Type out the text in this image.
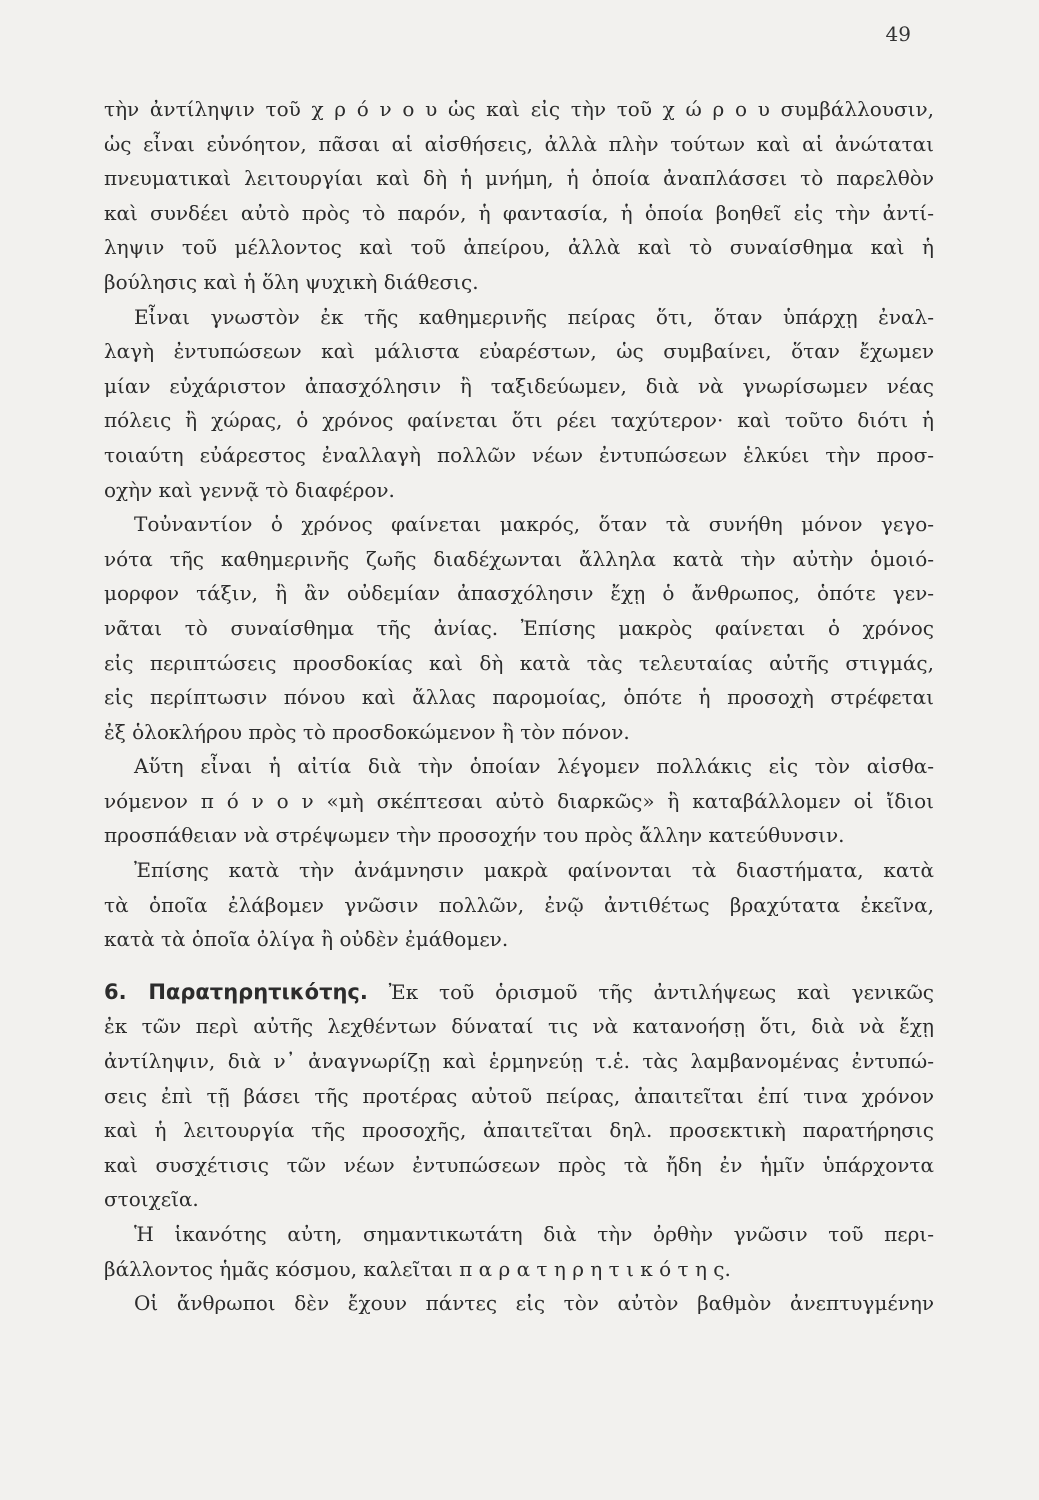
49
τὴν ἀντίληψιν τοῦ χ ρ ό ν ο υ ὡς καὶ εἰς τὴν τοῦ χ ώ ρ ο υ συμβάλλουσιν,
ὡς εἶναι εὐνόητον, πᾶσαι αἱ αἰσθήσεις, ἀλλὰ πλὴν τούτων καὶ αἱ ἀνώταται
πνευματικαὶ λειτουργίαι καὶ δὴ ἡ μνήμη, ἡ ὁποία ἀναπλάσσει τὸ παρελθὸν
καὶ συνδέει αὐτὸ πρὸς τὸ παρόν, ἡ φαντασία, ἡ ὁποία βοηθεῖ εἰς τὴν ἀντί-
ληψιν τοῦ μέλλοντος καὶ τοῦ ἀπείρου, ἀλλὰ καὶ τὸ συναίσθημα καὶ ἡ
βούλησις καὶ ἡ ὅλη ψυχικὴ διάθεσις.
Εἶναι γνωστὸν ἐκ τῆς καθημερινῆς πείρας ὅτι, ὅταν ὑπάρχῃ ἐναλ-
λαγὴ ἐντυπώσεων καὶ μάλιστα εὐαρέστων, ὡς συμβαίνει, ὅταν ἔχωμεν
μίαν εὐχάριστον ἀπασχόλησιν ἢ ταξιδεύωμεν, διὰ νὰ γνωρίσωμεν νέας
πόλεις ἢ χώρας, ὁ χρόνος φαίνεται ὅτι ρέει ταχύτερον· καὶ τοῦτο διότι ἡ
τοιαύτη εὐάρεστος ἐναλλαγὴ πολλῶν νέων ἐντυπώσεων ἑλκύει τὴν προσ-
οχὴν καὶ γεννᾷ τὸ διαφέρον.
Τοὐναντίον ὁ χρόνος φαίνεται μακρός, ὅταν τὰ συνήθη μόνον γεγο-
νότα τῆς καθημερινῆς ζωῆς διαδέχωνται ἄλληλα κατὰ τὴν αὐτὴν ὁμοιό-
μορφον τάξιν, ἢ ἂν οὐδεμίαν ἀπασχόλησιν ἔχῃ ὁ ἄνθρωπος, ὁπότε γεν-
νᾶται τὸ συναίσθημα τῆς ἀνίας. Ἐπίσης μακρὸς φαίνεται ὁ χρόνος
εἰς περιπτώσεις προσδοκίας καὶ δὴ κατὰ τὰς τελευταίας αὐτῆς στιγμάς,
εἰς περίπτωσιν πόνου καὶ ἄλλας παρομοίας, ὁπότε ἡ προσοχὴ στρέφεται
ἐξ ὁλοκλήρου πρὸς τὸ προσδοκώμενον ἢ τὸν πόνον.
Αὕτη εἶναι ἡ αἰτία διὰ τὴν ὁποίαν λέγομεν πολλάκις εἰς τὸν αἰσθα-
νόμενον π ό ν ο ν «μὴ σκέπτεσαι αὐτὸ διαρκῶς» ἢ καταβάλλομεν οἱ ἴδιοι
προσπάθειαν νὰ στρέψωμεν τὴν προσοχήν του πρὸς ἄλλην κατεύθυνσιν.
Ἐπίσης κατὰ τὴν ἀνάμνησιν μακρὰ φαίνονται τὰ διαστήματα, κατὰ
τὰ ὁποῖα ἐλάβομεν γνῶσιν πολλῶν, ἐνῷ ἀντιθέτως βραχύτατα ἐκεῖνα,
κατὰ τὰ ὁποῖα ὀλίγα ἢ οὐδὲν ἐμάθομεν.
6. Παρατηρητικότης. Ἐκ τοῦ ὁρισμοῦ τῆς ἀντιλήψεως καὶ γενικῶς
ἐκ τῶν περὶ αὐτῆς λεχθέντων δύναταί τις νὰ κατανοήσῃ ὅτι, διὰ νὰ ἔχῃ
ἀντίληψιν, διὰ ν᾽ ἀναγνωρίζῃ καὶ ἑρμηνεύῃ τ.ἑ. τὰς λαμβανομένας ἐντυπώ-
σεις ἐπὶ τῇ βάσει τῆς προτέρας αὐτοῦ πείρας, ἀπαιτεῖται ἐπί τινα χρόνον
καὶ ἡ λειτουργία τῆς προσοχῆς, ἀπαιτεῖται δηλ. προσεκτικὴ παρατήρησις
καὶ συσχέτισις τῶν νέων ἐντυπώσεων πρὸς τὰ ἤδη ἐν ἡμῖν ὑπάρχοντα
στοιχεῖα.
Ἡ ἱκανότης αὐτη, σημαντικωτάτη διὰ τὴν ὀρθὴν γνῶσιν τοῦ περι-
βάλλοντος ἡμᾶς κόσμου, καλεῖται π α ρ α τ η ρ η τ ι κ ό τ η ς.
Οἱ ἄνθρωποι δὲν ἔχουν πάντες εἰς τὸν αὐτὸν βαθμὸν ἀνεπτυγμένην
